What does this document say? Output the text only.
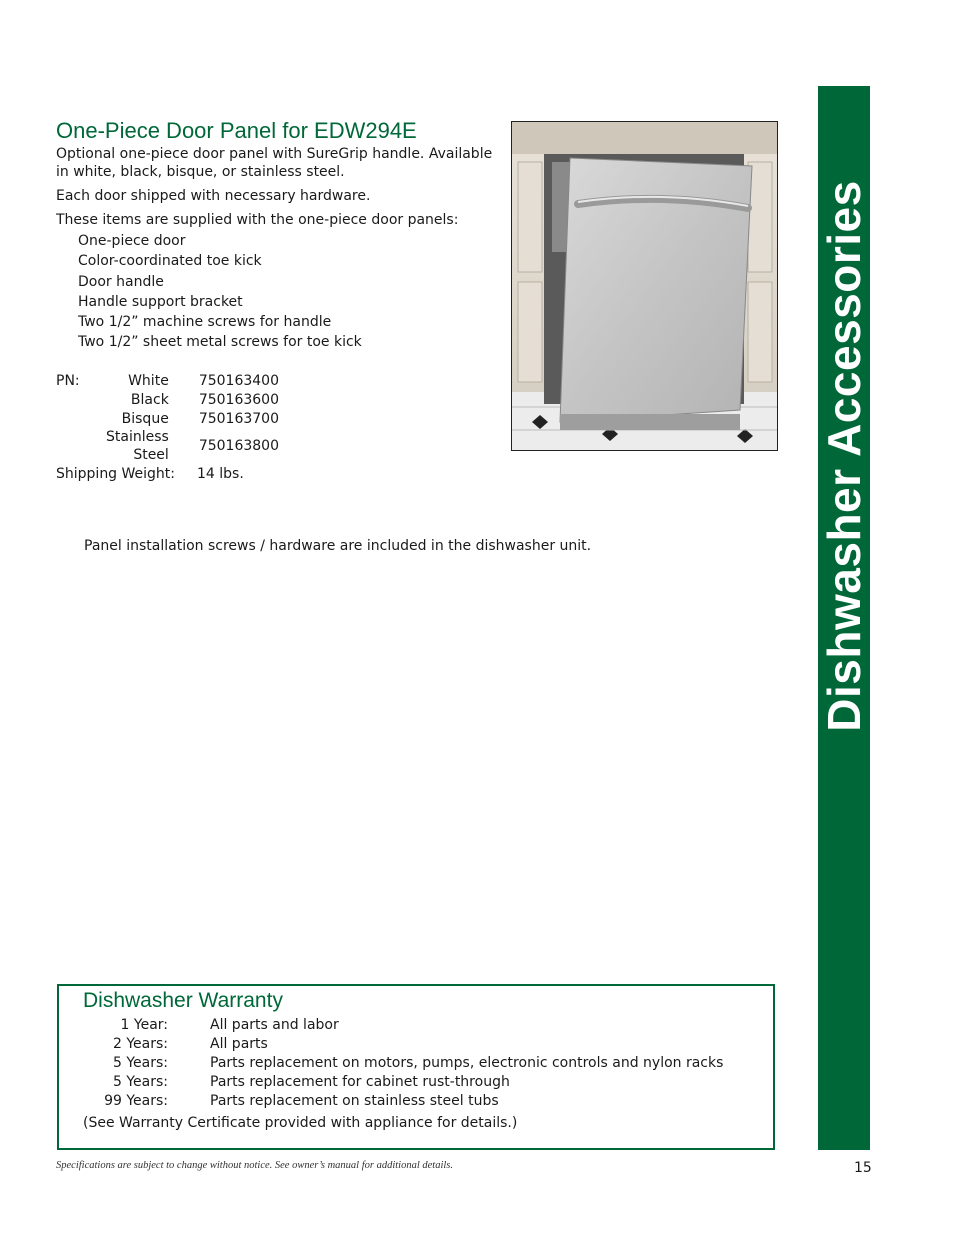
Dishwasher Accessories
One-Piece Door Panel for EDW294E
Optional one-piece door panel with SureGrip handle. Available in white, black, bisque, or stainless steel.
Each door shipped with necessary hardware.
These items are supplied with the one-piece door panels:
One-piece door
Color-coordinated toe kick
Door handle
Handle support bracket
Two 1/2” machine screws for handle
Two 1/2” sheet metal screws for toe kick
PN:	White	750163400
	Black	750163600
	Bisque	750163700
	Stainless Steel	750163800
Shipping Weight: 14 lbs.
Panel installation screws / hardware are included in the dishwasher unit.
Dishwasher Warranty
1 Year:	All parts and labor
2 Years:	All parts
5 Years:	Parts replacement on motors, pumps, electronic controls and nylon racks
5 Years:	Parts replacement for cabinet rust-through
99 Years:	Parts replacement on stainless steel tubs
(See Warranty Certificate provided with appliance for details.)
Specifications are subject to change without notice. See owner’s manual for additional details.	15
